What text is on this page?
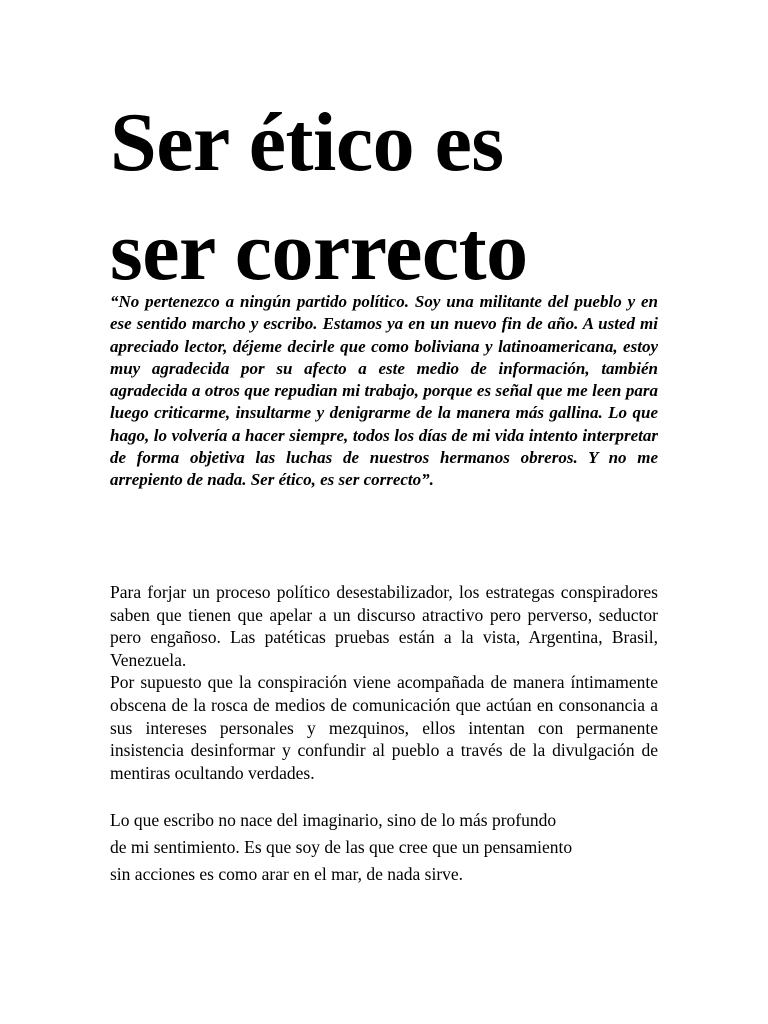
Ser ético es
ser correcto

“No pertenezco a ningún partido político. Soy una militante del pueblo y en ese sentido marcho y escribo. Estamos ya en un nuevo fin de año. A usted mi apreciado lector, déjeme decirle que como boliviana y latinoamericana, estoy muy agradecida por su afecto a este medio de información, también agradecida a otros que repudian mi trabajo, porque es señal que me leen para luego criticarme, insultarme y denigrarme de la manera más gallina. Lo que hago, lo volvería a hacer siempre, todos los días de mi vida intento interpretar de forma objetiva las luchas de nuestros hermanos obreros. Y no me arrepiento de nada. Ser ético, es ser correcto”.

Para forjar un proceso político desestabilizador, los estrategas conspiradores saben que tienen que apelar a un discurso atractivo pero perverso, seductor pero engañoso. Las patéticas pruebas están a la vista, Argentina, Brasil, Venezuela.

Por supuesto que la conspiración viene acompañada de manera íntimamente obscena de la rosca de medios de comunicación que actúan en consonancia a sus intereses personales y mezquinos, ellos intentan con permanente insistencia desinformar y confundir al pueblo a través de la divulgación de mentiras ocultando verdades.

Lo que escribo no nace del imaginario, sino de lo más profundo
de mi sentimiento. Es que soy de las que cree que un pensamiento
sin acciones es como arar en el mar, de nada sirve.
